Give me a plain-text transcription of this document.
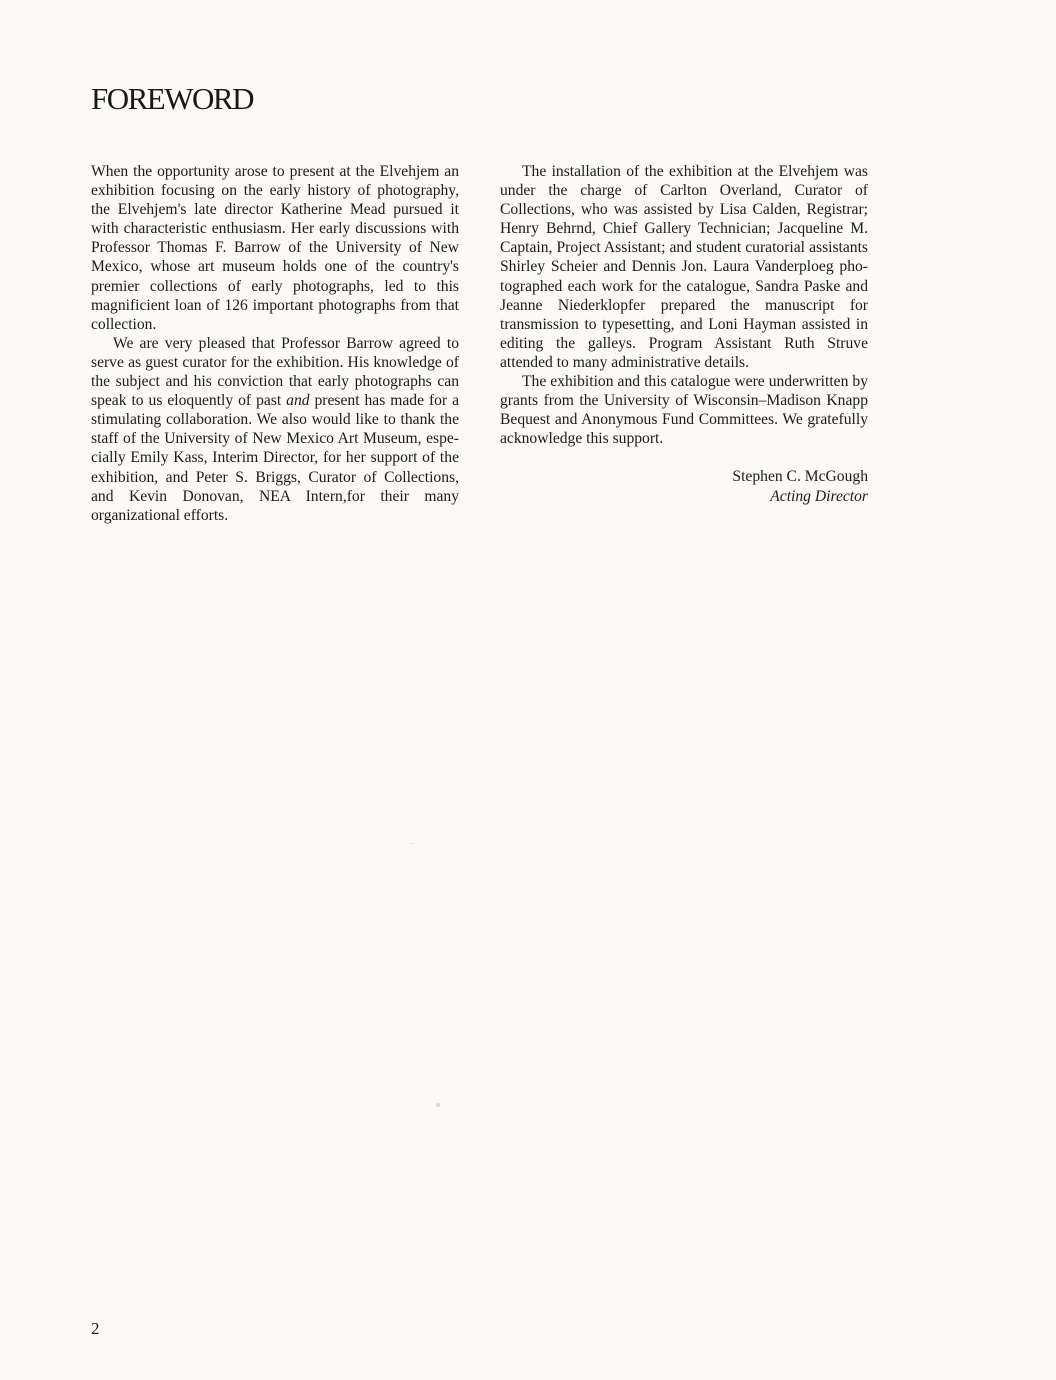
FOREWORD

When the opportunity arose to present at the Elvehjem an exhibition focusing on the early history of photography, the Elvehjem's late director Katherine Mead pursued it with characteristic enthusiasm. Her early discussions with Professor Thomas F. Barrow of the University of New Mexico, whose art museum holds one of the country's premier collections of early photographs, led to this magnificient loan of 126 important photographs from that collection.

We are very pleased that Professor Barrow agreed to serve as guest curator for the exhibition. His knowledge of the subject and his conviction that early photographs can speak to us eloquently of past and present has made for a stimulating collaboration. We also would like to thank the staff of the University of New Mexico Art Museum, especially Emily Kass, Interim Director, for her support of the exhibition, and Peter S. Briggs, Curator of Collections, and Kevin Donovan, NEA Intern,for their many organizational efforts.

The installation of the exhibition at the Elvehjem was under the charge of Carlton Overland, Curator of Collections, who was assisted by Lisa Calden, Registrar; Henry Behrnd, Chief Gallery Technician; Jacqueline M. Captain, Project Assistant; and student curatorial assistants Shirley Scheier and Dennis Jon. Laura Vanderploeg photographed each work for the catalogue, Sandra Paske and Jeanne Niederklopfer prepared the manuscript for transmission to typesetting, and Loni Hayman assisted in editing the galleys. Program Assistant Ruth Struve attended to many administrative details.

The exhibition and this catalogue were underwritten by grants from the University of Wisconsin–Madison Knapp Bequest and Anonymous Fund Committees. We gratefully acknowledge this support.

Stephen C. McGough
Acting Director
2
